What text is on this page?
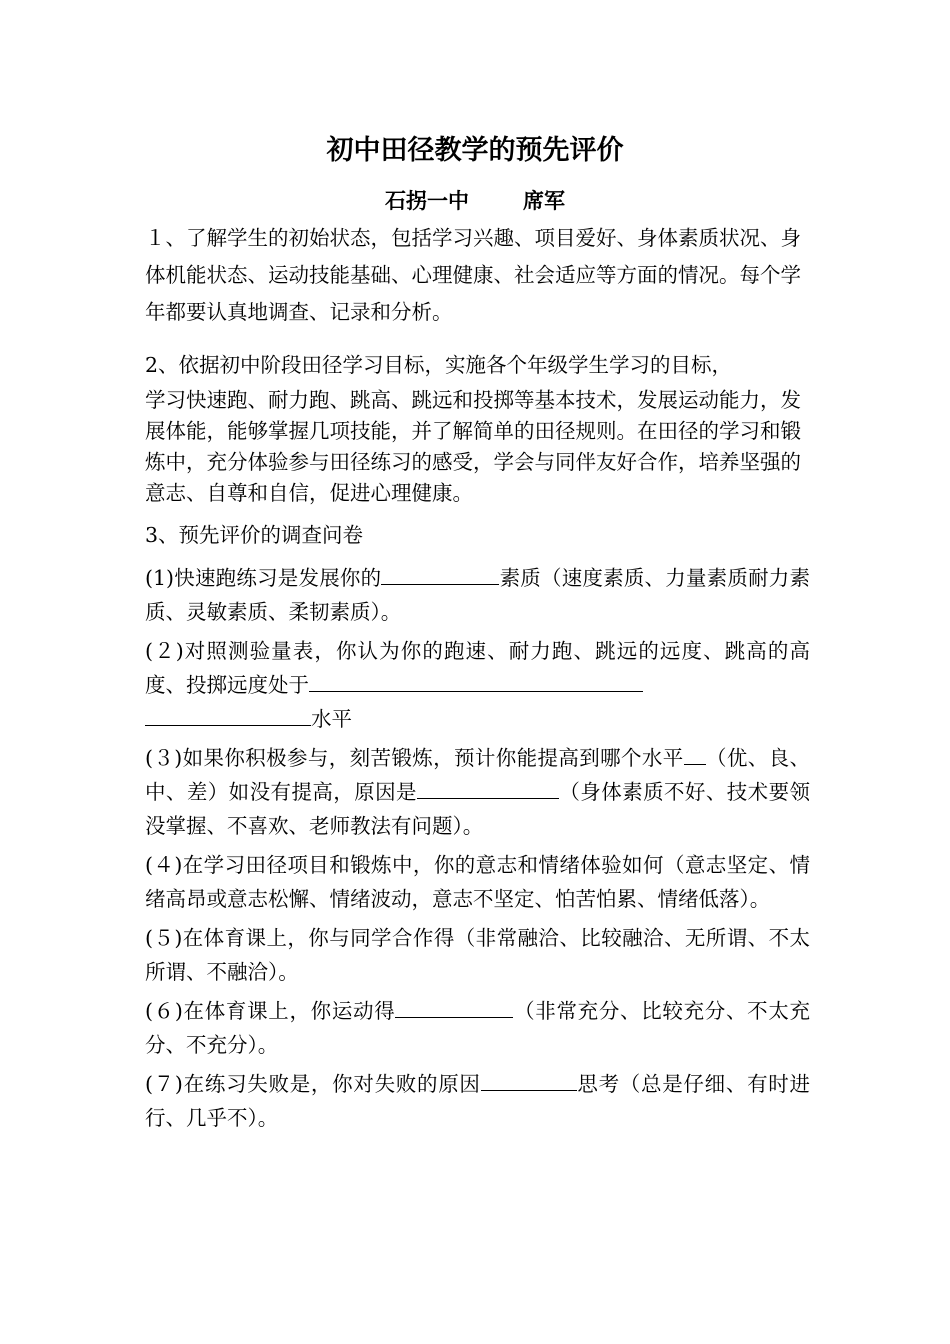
初中田径教学的预先评价
石拐一中	席军

１、了解学生的初始状态，包括学习兴趣、项目爱好、身体素质状况、身体机能状态、运动技能基础、心理健康、社会适应等方面的情况。每个学年都要认真地调查、记录和分析。

2、依据初中阶段田径学习目标，实施各个年级学生学习的目标，
学习快速跑、耐力跑、跳高、跳远和投掷等基本技术，发展运动能力，发展体能，能够掌握几项技能，并了解简单的田径规则。在田径的学习和锻炼中，充分体验参与田径练习的感受，学会与同伴友好合作，培养坚强的意志、自尊和自信，促进心理健康。

3、预先评价的调查问卷

(1)快速跑练习是发展你的	素质（速度素质、力量素质耐力素质、灵敏素质、柔韧素质）。

(２)对照测验量表，你认为你的跑速、耐力跑、跳远的远度、跳高的高度、投掷远度处于
水平

(３)如果你积极参与，刻苦锻炼，预计你能提高到哪个水平 （优、良、中、差）如没有提高，原因是	（身体素质不好、技术要领没掌握、不喜欢、老师教法有问题）。

(４)在学习田径项目和锻炼中，你的意志和情绪体验如何（意志坚定、情绪高昂或意志松懈、情绪波动，意志不坚定、怕苦怕累、情绪低落）。

(５)在体育课上，你与同学合作得（非常融洽、比较融洽、无所谓、不太所谓、不融洽）。

(６)在体育课上，你运动得	（非常充分、比较充分、不太充分、不充分）。

(７)在练习失败是，你对失败的原因	思考（总是仔细、有时进行、几乎不）。
